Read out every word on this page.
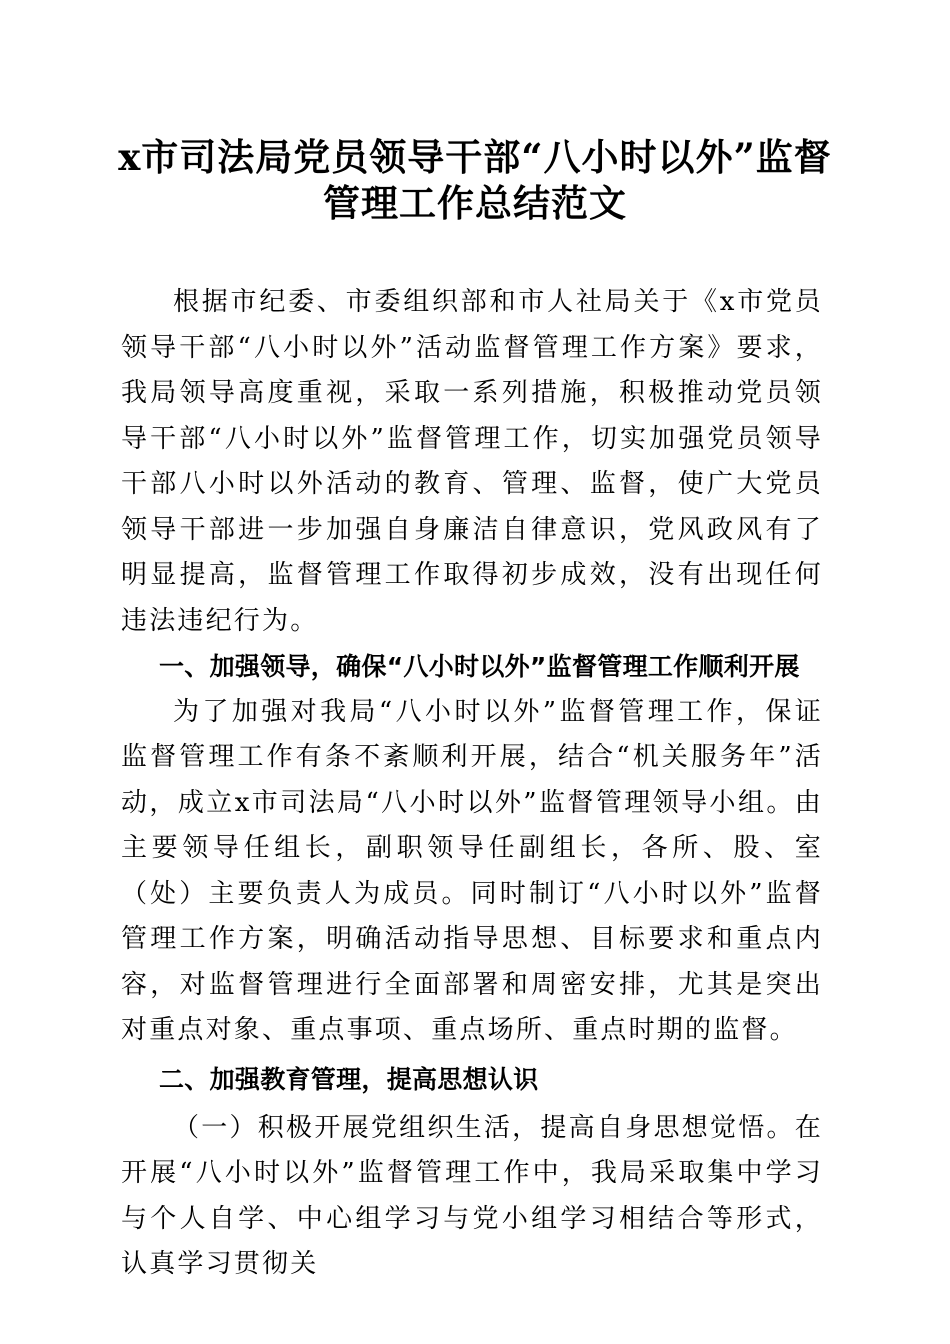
x市司法局党员领导干部“八小时以外”监督
管理工作总结范文

根据市纪委、市委组织部和市人社局关于《x市党员领导干部“八小时以外”活动监督管理工作方案》要求，我局领导高度重视，采取一系列措施，积极推动党员领导干部“八小时以外”监督管理工作，切实加强党员领导干部八小时以外活动的教育、管理、监督，使广大党员领导干部进一步加强自身廉洁自律意识，党风政风有了明显提高，监督管理工作取得初步成效，没有出现任何违法违纪行为。

一、加强领导，确保“八小时以外”监督管理工作顺利开展

为了加强对我局“八小时以外”监督管理工作，保证监督管理工作有条不紊顺利开展，结合“机关服务年”活动，成立x市司法局“八小时以外”监督管理领导小组。由主要领导任组长，副职领导任副组长，各所、股、室（处）主要负责人为成员。同时制订“八小时以外”监督管理工作方案，明确活动指导思想、目标要求和重点内容，对监督管理进行全面部署和周密安排，尤其是突出对重点对象、重点事项、重点场所、重点时期的监督。

二、加强教育管理，提高思想认识

（一）积极开展党组织生活，提高自身思想觉悟。在开展“八小时以外”监督管理工作中，我局采取集中学习与个人自学、中心组学习与党小组学习相结合等形式，认真学习贯彻关
